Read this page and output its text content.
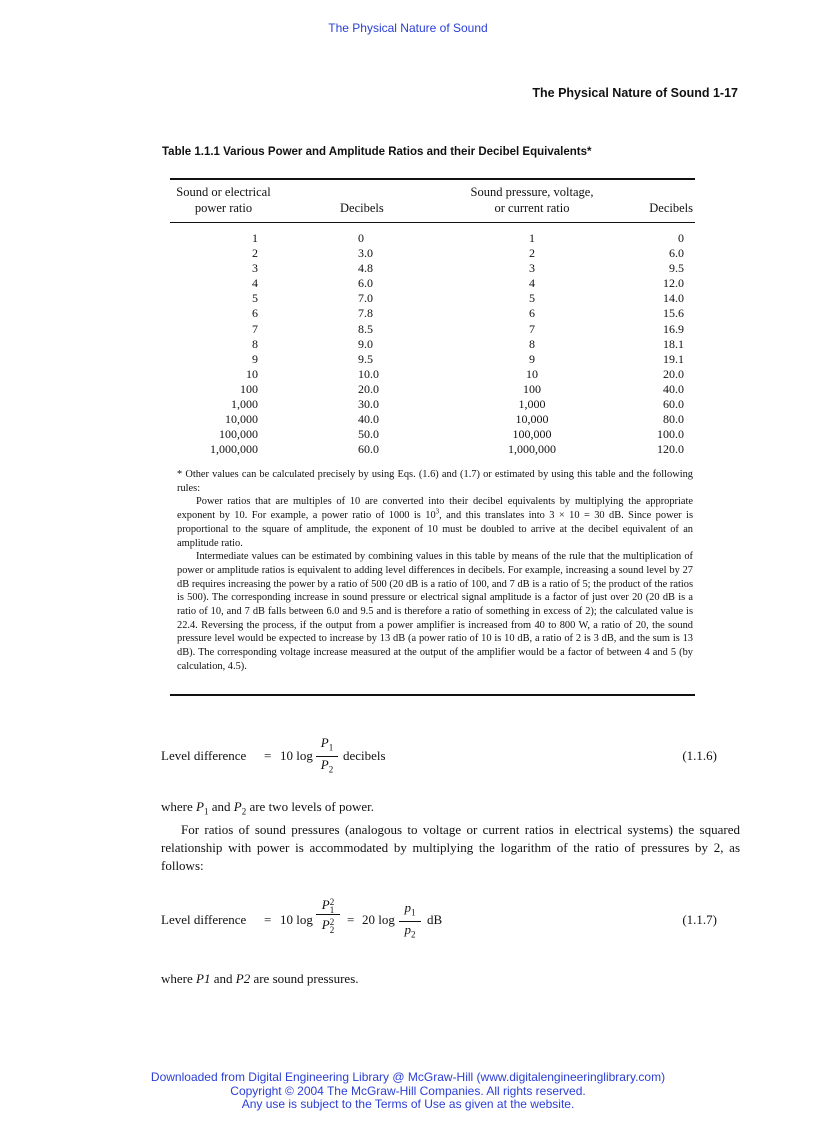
The Physical Nature of Sound
The Physical Nature of Sound 1-17
Table 1.1.1 Various Power and Amplitude Ratios and their Decibel Equivalents*
Sound or electrical
power ratio	Decibels
Sound pressure, voltage,
or current ratio	Decibels
1	0	1	0
2	3.0	2	6.0
3	4.8	3	9.5
4	6.0	4	12.0
5	7.0	5	14.0
6	7.8	6	15.6
7	8.5	7	16.9
8	9.0	8	18.1
9	9.5	9	19.1
10	10.0	10	20.0
100	20.0	100	40.0
1,000	30.0	1,000	60.0
10,000	40.0	10,000	80.0
100,000	50.0	100,000	100.0
1,000,000	60.0	1,000,000	120.0

* Other values can be calculated precisely by using Eqs. (1.6) and (1.7) or estimated by using this table and the following rules:

Power ratios that are multiples of 10 are converted into their decibel equivalents by multiplying the appropriate exponent by 10. For example, a power ratio of 1000 is $10^3$, and this translates into 3 × 10 = 30 dB. Since power is proportional to the square of amplitude, the exponent of 10 must be doubled to arrive at the decibel equivalent of an amplitude ratio.

Intermediate values can be estimated by combining values in this table by means of the rule that the multiplication of power or amplitude ratios is equivalent to adding level differences in decibels. For example, increasing a sound level by 27 dB requires increasing the power by a ratio of 500 (20 dB is a ratio of 100, and 7 dB is a ratio of 5; the product of the ratios is 500). The corresponding increase in sound pressure or electrical signal amplitude is a factor of just over 20 (20 dB is a ratio of 10, and 7 dB falls between 6.0 and 9.5 and is therefore a ratio of something in excess of 2); the calculated value is 22.4. Reversing the process, if the output from a power amplifier is increased from 40 to 800 W, a ratio of 20, the sound pressure level would be expected to increase by 13 dB (a power ratio of 10 is 10 dB, a ratio of 2 is 3 dB, and the sum is 13 dB). The corresponding voltage increase measured at the output of the amplifier would be a factor of between 4 and 5 (by calculation, 4.5).

Level difference = 10 log
$P_1$
$P_2$
decibels	(1.1.6)

where $P_1$ and $P_2$ are two levels of power.

For ratios of sound pressures (analogous to voltage or current ratios in electrical systems) the squared relationship with power is accommodated by multiplying the logarithm of the ratio of pressures by 2, as follows:

Level difference = 10 log
P2
1
P2
2
= 20 log
$p_1$
$p_2$
dB	(1.1.7)

where P1 and P2 are sound pressures.

Downloaded from Digital Engineering Library @ McGraw-Hill (www.digitalengineeringlibrary.com)
Copyright © 2004 The McGraw-Hill Companies. All rights reserved.
Any use is subject to the Terms of Use as given at the website.
